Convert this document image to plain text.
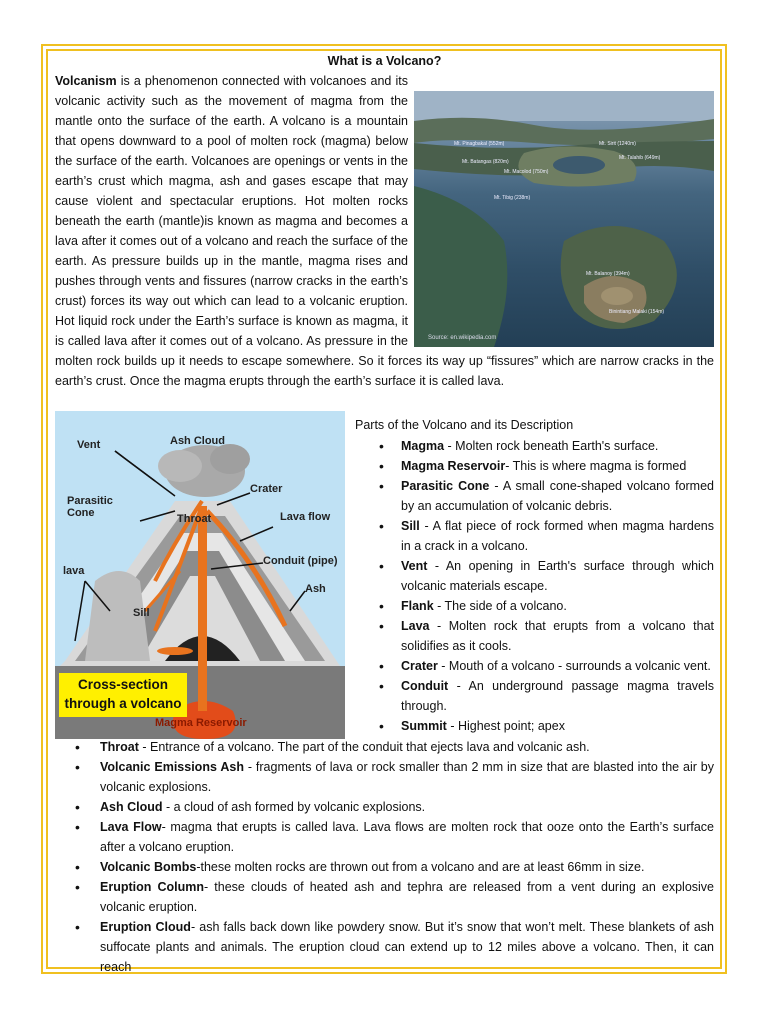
What is a Volcano?

Volcanism is a phenomenon connected with volcanoes and its volcanic activity such as the movement of magma from the mantle onto the surface of the earth. A volcano is a mountain that opens downward to a pool of molten rock (magma) below the surface of the earth. Volcanoes are openings or vents in the earth’s crust which magma, ash and gases escape that may cause violent and spectacular eruptions. Hot molten rocks beneath the earth (mantle)is known as magma and becomes a lava after it comes out of a volcano and reach the surface of the earth. As pressure builds up in the mantle, magma rises and pushes through vents and fissures (narrow cracks in the earth’s crust) forces its way out which can lead to a volcanic eruption. Hot liquid rock under the Earth’s surface is known as magma, it is called lava after it comes out of a volcano. As pressure in the molten rock builds up it needs to escape somewhere. So it forces its way up “fissures” which are narrow cracks in the earth’s crust. Once the magma erupts through the earth’s surface it is called lava.

Mt. Pinagbakal (552m)
Mt. Batangas (820m)
Mt. Macolod (750m)
Mt. Tibig (238m)
Mt. Sirit (1240m)
Mt. Talahib (649m)
Mt. Balanoy (394m)
Binintiang Malaki (154m)
Source: en.wikipedia.com
Vent	Ash Cloud
Crater
Parasitic
Cone	Throat	Lava flow
lava
Conduit (pipe)
Ash
Sill
Magma Reservoir
Cross-section
through a volcano
Parts of the Volcano and its Description
• Magma - Molten rock beneath Earth's surface.
• Magma Reservoir- This is where magma is formed
• Parasitic Cone - A small cone-shaped volcano formed by an accumulation of volcanic debris.
• Sill - A flat piece of rock formed when magma hardens in a crack in a volcano.
• Vent - An opening in Earth's surface through which volcanic materials escape.
• Flank - The side of a volcano.
• Lava - Molten rock that erupts from a volcano that solidifies as it cools.
• Crater - Mouth of a volcano - surrounds a volcanic vent.
• Conduit - An underground passage magma travels through.
• Summit - Highest point; apex
• Throat - Entrance of a volcano. The part of the conduit that ejects lava and volcanic ash.
• Volcanic Emissions Ash - fragments of lava or rock smaller than 2 mm in size that are blasted into the air by volcanic explosions.
• Ash Cloud - a cloud of ash formed by volcanic explosions.
• Lava Flow- magma that erupts is called lava. Lava flows are molten rock that ooze onto the Earth’s surface after a volcano eruption.
• Volcanic Bombs-these molten rocks are thrown out from a volcano and are at least 66mm in size.
• Eruption Column- these clouds of heated ash and tephra are released from a vent during an explosive volcanic eruption.
• Eruption Cloud- ash falls back down like powdery snow. But it’s snow that won’t melt. These blankets of ash suffocate plants and animals. The eruption cloud can extend up to 12 miles above a volcano. Then, it can reach
